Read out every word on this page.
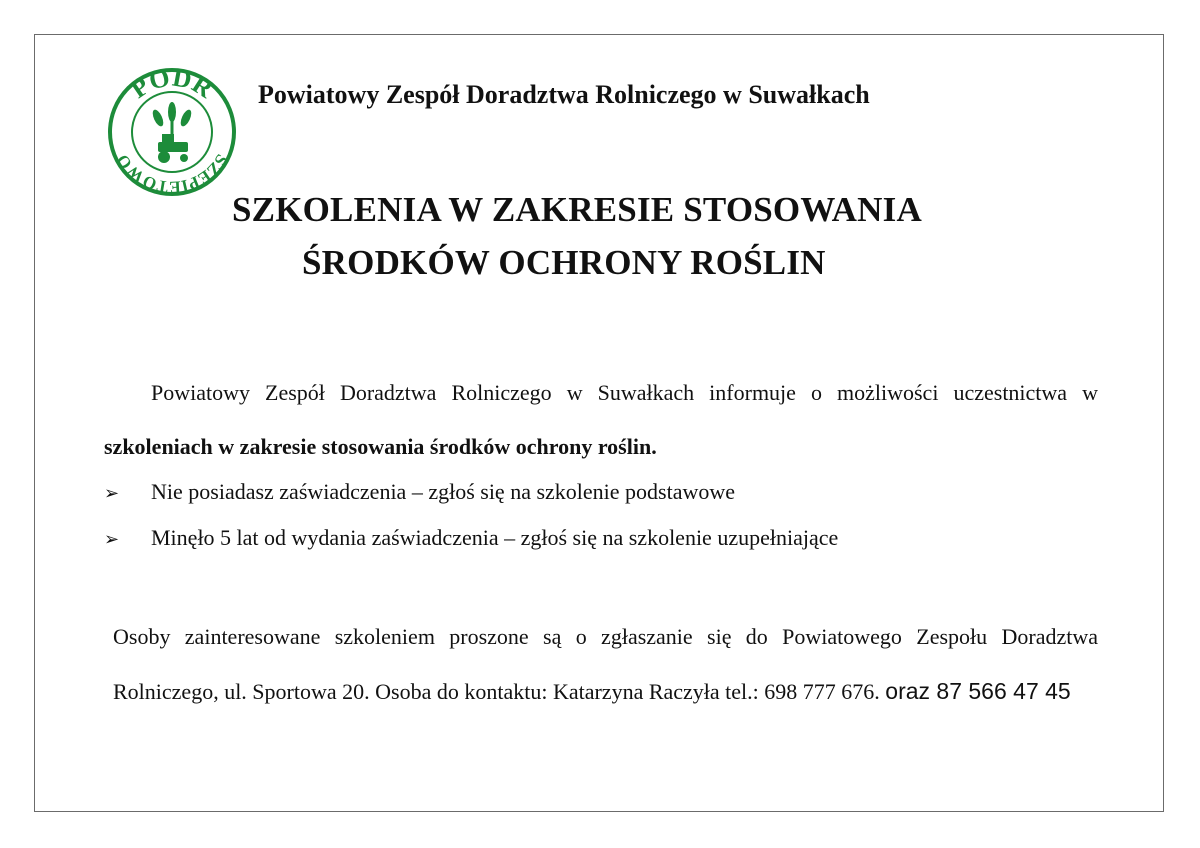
PODR
SZEPIETOWO
Powiatowy Zespół Doradztwa Rolniczego w Suwałkach
SZKOLENIA W ZAKRESIE STOSOWANIA
ŚRODKÓW OCHRONY ROŚLIN
Powiatowy Zespół Doradztwa Rolniczego w Suwałkach informuje o możliwości uczestnictwa w szkoleniach w zakresie stosowania środków ochrony roślin.
➢ Nie posiadasz zaświadczenia – zgłoś się na szkolenie podstawowe
➢ Minęło 5 lat od wydania zaświadczenia – zgłoś się na szkolenie uzupełniające
Osoby zainteresowane szkoleniem proszone są o zgłaszanie się do Powiatowego Zespołu Doradztwa Rolniczego, ul. Sportowa 20. Osoba do kontaktu: Katarzyna Raczyła tel.: 698 777 676. oraz 87 566 47 45
